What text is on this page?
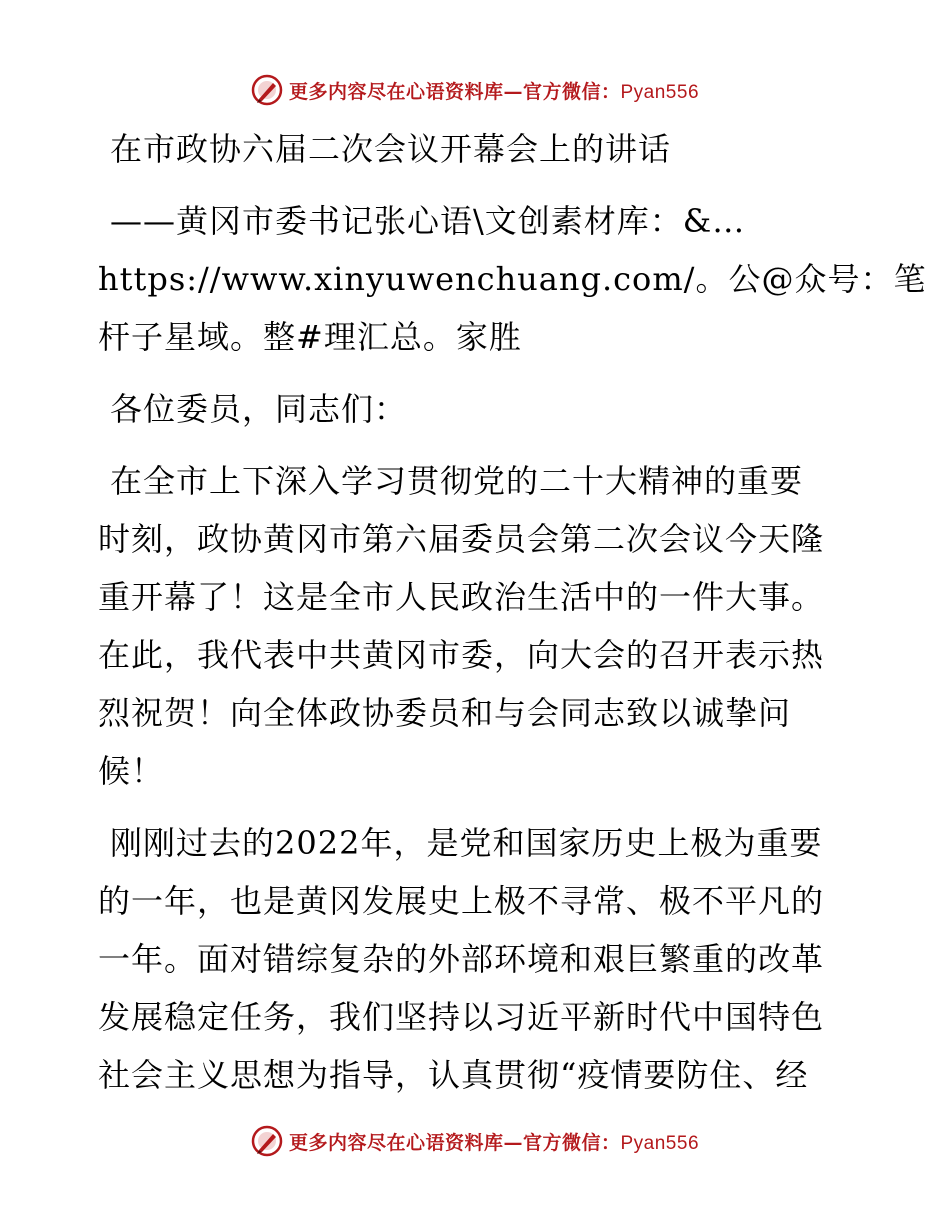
更多内容尽在心语资料库—官方微信：Pyan556
在市政协六届二次会议开幕会上的讲话
——黄冈市委书记张心语\文创素材库：&…
https://www.xinyuwenchuang.com/。公@众号：笔
杆子星域。整#理汇总。家胜
各位委员，同志们：
在全市上下深入学习贯彻党的二十大精神的重要
时刻，政协黄冈市第六届委员会第二次会议今天隆
重开幕了！这是全市人民政治生活中的一件大事。
在此，我代表中共黄冈市委，向大会的召开表示热
烈祝贺！向全体政协委员和与会同志致以诚挚问
候！
刚刚过去的2022年，是党和国家历史上极为重要
的一年，也是黄冈发展史上极不寻常、极不平凡的
一年。面对错综复杂的外部环境和艰巨繁重的改革
发展稳定任务，我们坚持以习近平新时代中国特色
社会主义思想为指导，认真贯彻“疫情要防住、经
更多内容尽在心语资料库—官方微信：Pyan556
